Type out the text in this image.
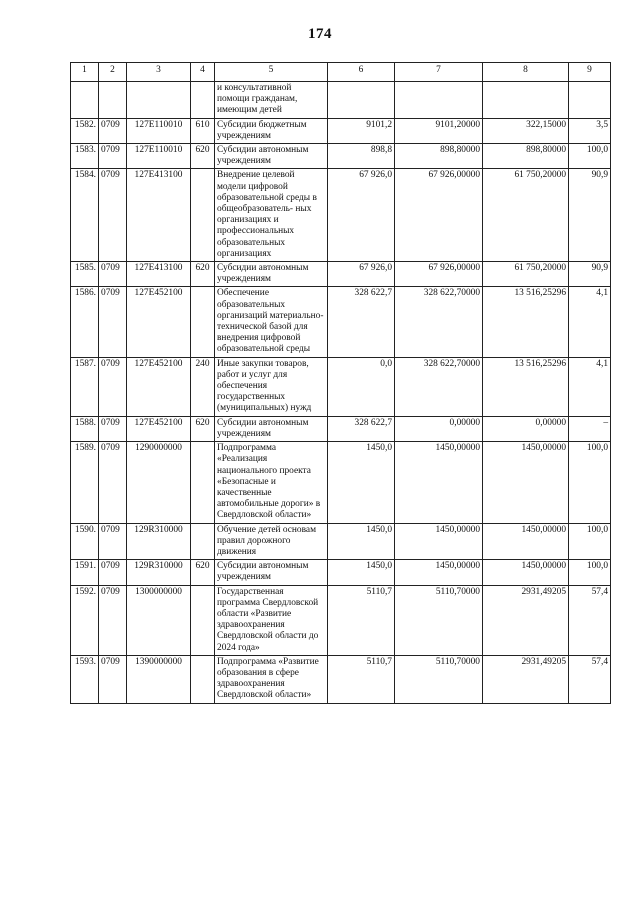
174
1	2	3	4	5	6	7	8	9
				и консультативной помощи гражданам, имеющим детей				
1582.	0709	127E110010	610	Субсидии бюджетным учреждениям	9101,2	9101,20000	322,15000	3,5
1583.	0709	127E110010	620	Субсидии автономным учреждениям	898,8	898,80000	898,80000	100,0
1584.	0709	127E413100		Внедрение целевой модели цифровой образовательной среды в общеобразователь- ных организациях и профессиональных образовательных организациях	67 926,0	67 926,00000	61 750,20000	90,9
1585.	0709	127E413100	620	Субсидии автономным учреждениям	67 926,0	67 926,00000	61 750,20000	90,9
1586.	0709	127E452100		Обеспечение образовательных организаций материально- технической базой для внедрения цифровой образовательной среды	328 622,7	328 622,70000	13 516,25296	4,1
1587.	0709	127E452100	240	Иные закупки товаров, работ и услуг для обеспечения государственных (муниципальных) нужд	0,0	328 622,70000	13 516,25296	4,1
1588.	0709	127E452100	620	Субсидии автономным учреждениям	328 622,7	0,00000	0,00000	–
1589.	0709	1290000000		Подпрограмма «Реализация национального проекта «Безопасные и качественные автомобильные дороги» в Свердловской области»	1450,0	1450,00000	1450,00000	100,0
1590.	0709	129R310000		Обучение детей основам правил дорожного движения	1450,0	1450,00000	1450,00000	100,0
1591.	0709	129R310000	620	Субсидии автономным учреждениям	1450,0	1450,00000	1450,00000	100,0
1592.	0709	1300000000		Государственная программа Свердловской области «Развитие здравоохранения Свердловской области до 2024 года»	5110,7	5110,70000	2931,49205	57,4
1593.	0709	1390000000		Подпрограмма «Развитие образования в сфере здравоохранения Свердловской области»	5110,7	5110,70000	2931,49205	57,4
